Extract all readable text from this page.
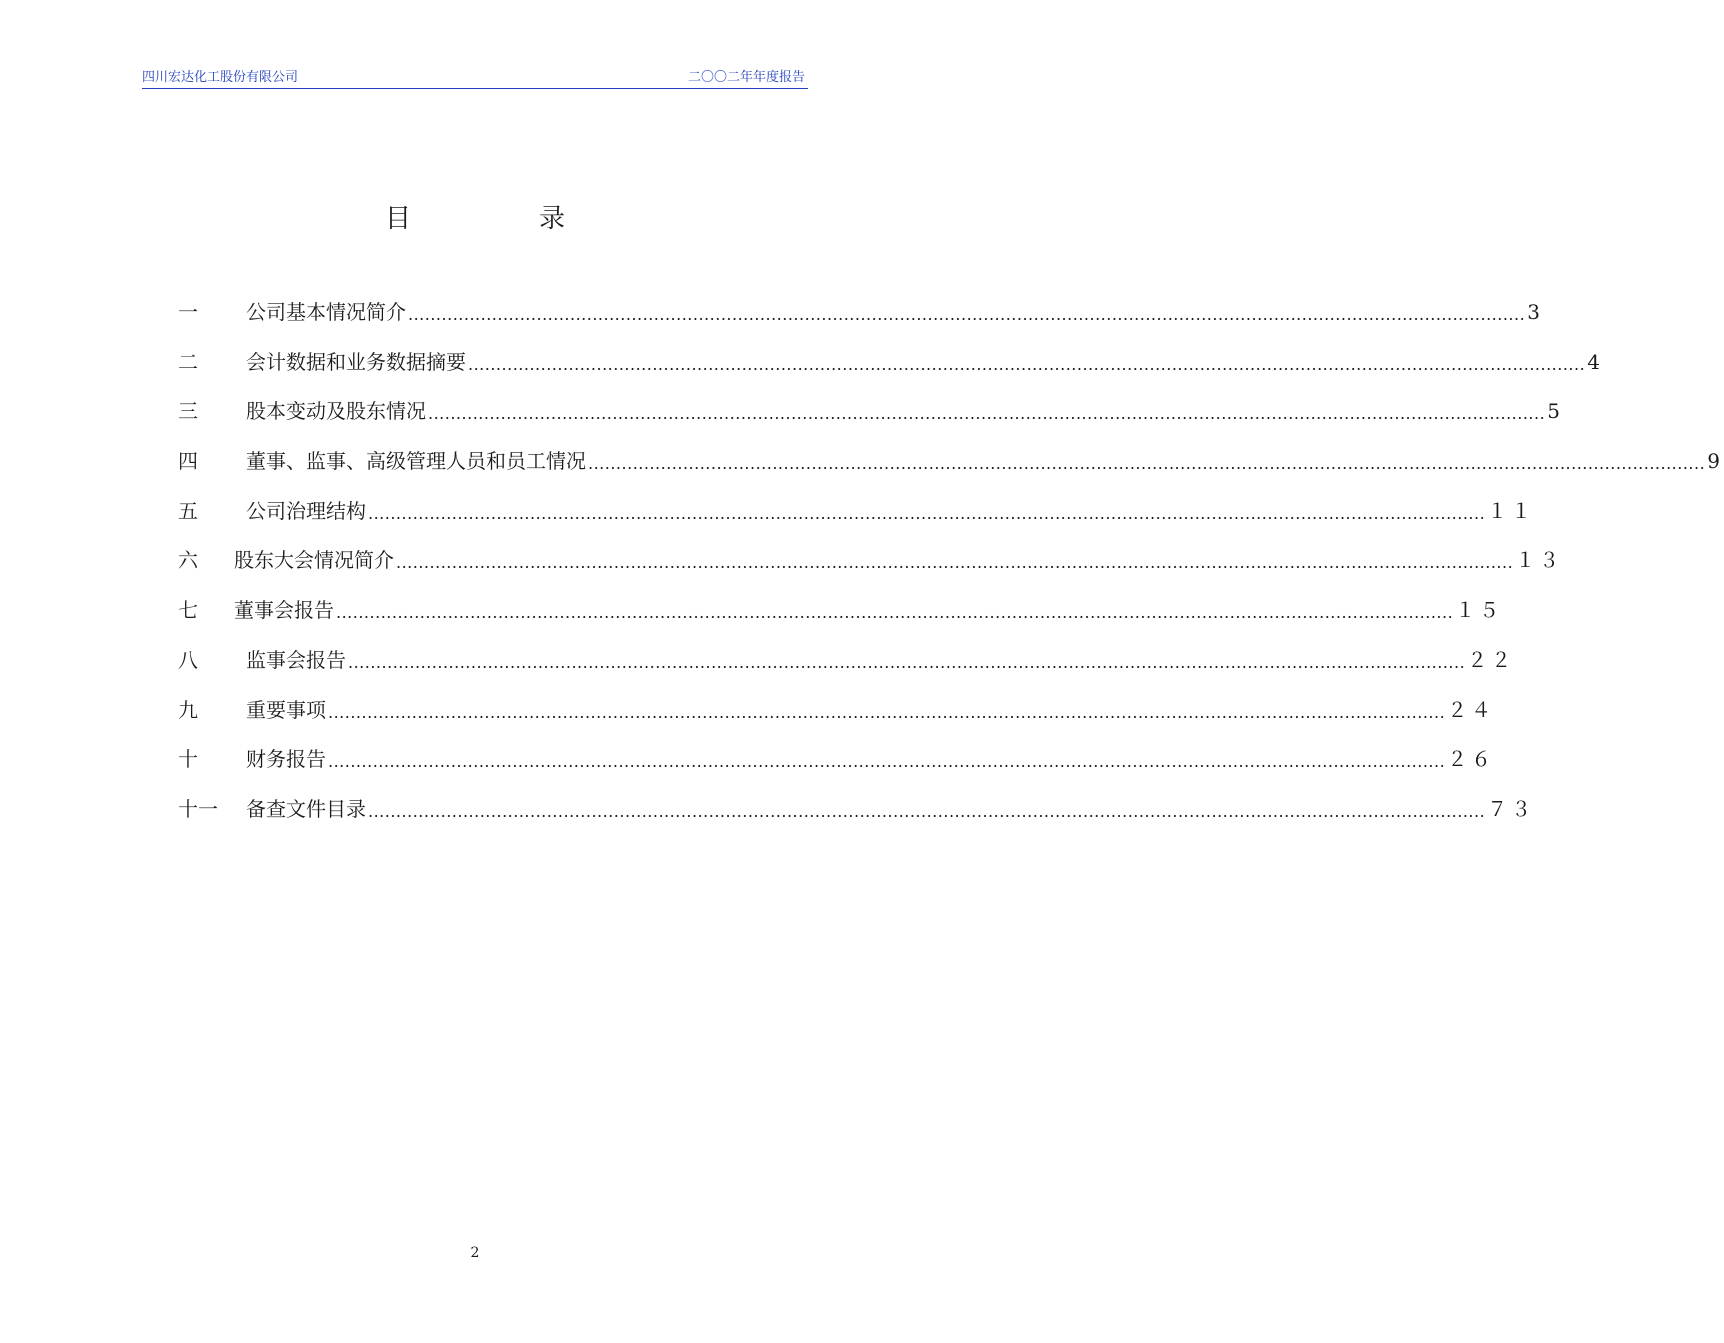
四川宏达化工股份有限公司	二〇〇二年年度报告
目	录
一	公司基本情况简介 ........................................................................................................................................................................................................ 3
二	会计数据和业务数据摘要 ........................................................................................................................................................................................................ 4
三	股本变动及股东情况 ........................................................................................................................................................................................................ 5
四	董事、监事、高级管理人员和员工情况 ........................................................................................................................................................................................................ 9
五	公司治理结构 ........................................................................................................................................................................................................ １１
六	股东大会情况简介 ........................................................................................................................................................................................................ １３
七	董事会报告 ........................................................................................................................................................................................................ １５
八	监事会报告 ........................................................................................................................................................................................................ ２２
九	重要事项 ........................................................................................................................................................................................................ ２４
十	财务报告 ........................................................................................................................................................................................................ ２６
十一	备查文件目录 ........................................................................................................................................................................................................ ７３
2
